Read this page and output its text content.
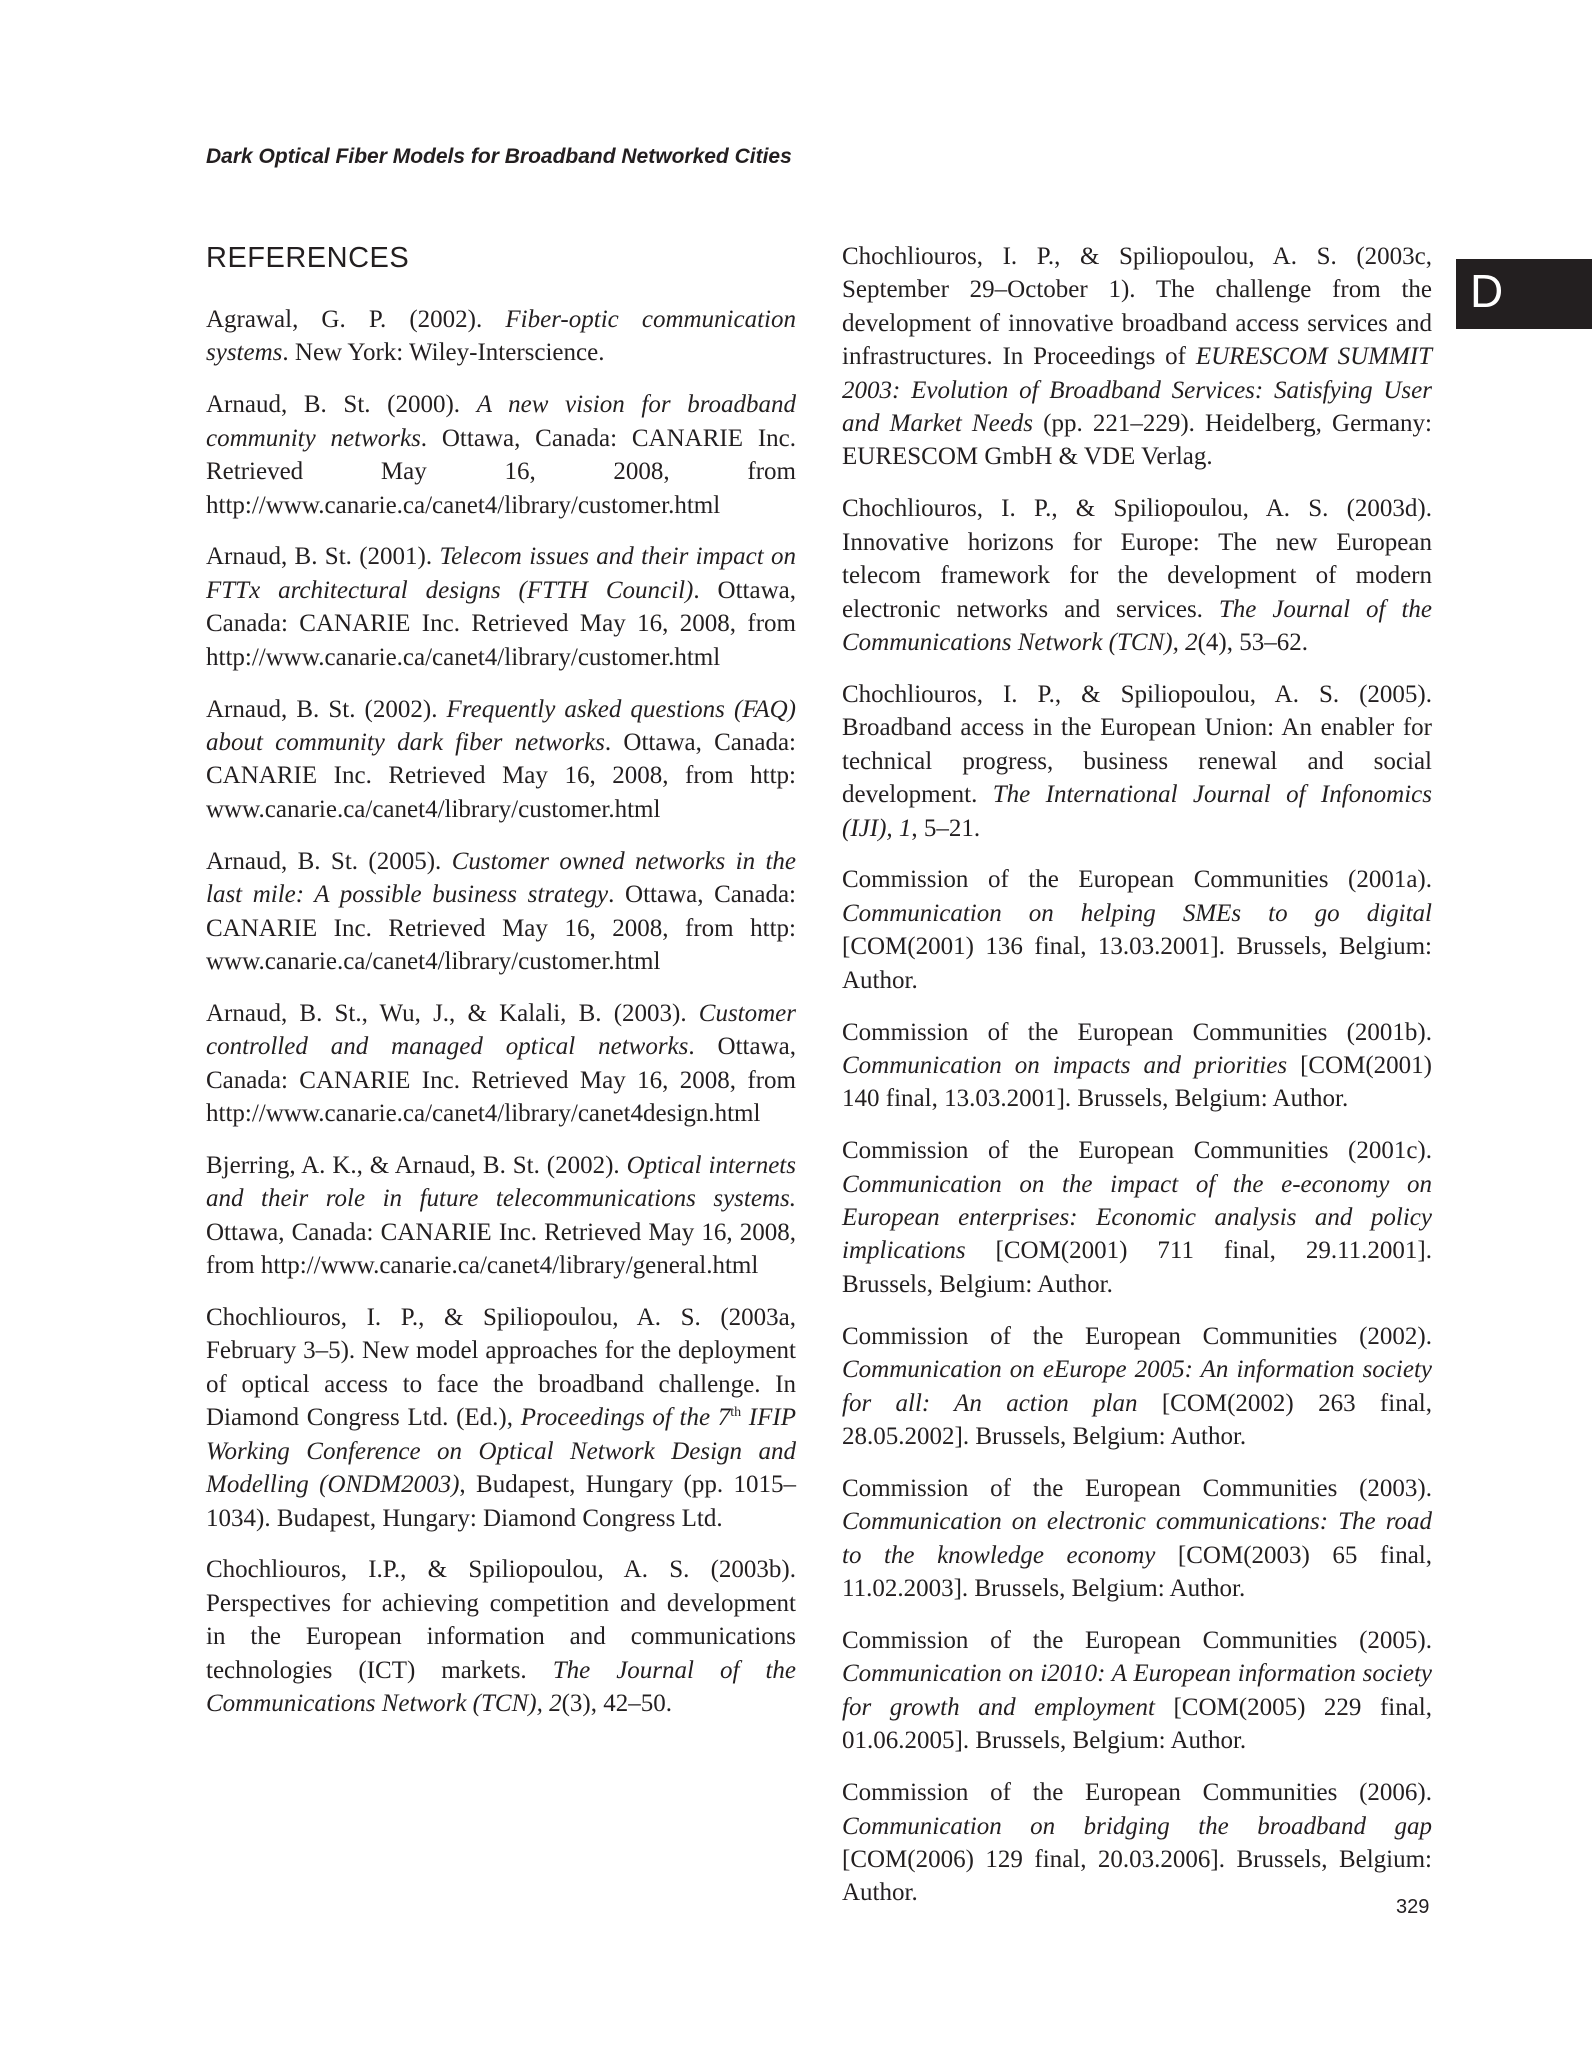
Dark Optical Fiber Models for Broadband Networked Cities
D
REFERENCES

Agrawal, G. P. (2002). Fiber-optic communication systems. New York: Wiley-Interscience.

Arnaud, B. St. (2000). A new vision for broadband community networks. Ottawa, Canada: CANARIE Inc. Retrieved May 16, 2008, from http://www.canarie.ca/canet4/library/customer.html

Arnaud, B. St. (2001). Telecom issues and their impact on FTTx architectural designs (FTTH Council). Ottawa, Canada: CANARIE Inc. Retrieved May 16, 2008, from http://www.canarie.ca/canet4/library/customer.html

Arnaud, B. St. (2002). Frequently asked questions (FAQ) about community dark fiber networks. Ottawa, Canada: CANARIE Inc. Retrieved May 16, 2008, from http: www.canarie.ca/canet4/library/customer.html

Arnaud, B. St. (2005). Customer owned networks in the last mile: A possible business strategy. Ottawa, Canada: CANARIE Inc. Retrieved May 16, 2008, from http: www.canarie.ca/canet4/library/customer.html

Arnaud, B. St., Wu, J., & Kalali, B. (2003). Customer controlled and managed optical networks. Ottawa, Canada: CANARIE Inc. Retrieved May 16, 2008, from http://www.canarie.ca/canet4/library/canet4design.html

Bjerring, A. K., & Arnaud, B. St. (2002). Optical internets and their role in future telecommunications systems. Ottawa, Canada: CANARIE Inc. Retrieved May 16, 2008, from http://www.canarie.ca/canet4/library/general.html

Chochliouros, I. P., & Spiliopoulou, A. S. (2003a, February 3–5). New model approaches for the deployment of optical access to face the broadband challenge. In Diamond Congress Ltd. (Ed.), Proceedings of the 7th IFIP Working Conference on Optical Network Design and Modelling (ONDM2003), Budapest, Hungary (pp. 1015–1034). Budapest, Hungary: Diamond Congress Ltd.

Chochliouros, I.P., & Spiliopoulou, A. S. (2003b). Perspectives for achieving competition and development in the European information and communications technologies (ICT) markets. The Journal of the Communications Network (TCN), 2(3), 42–50.

Chochliouros, I. P., & Spiliopoulou, A. S. (2003c, September 29–October 1). The challenge from the development of innovative broadband access services and infrastructures. In Proceedings of EURESCOM SUMMIT 2003: Evolution of Broadband Services: Satisfying User and Market Needs (pp. 221–229). Heidelberg, Germany: EURESCOM GmbH & VDE Verlag.

Chochliouros, I. P., & Spiliopoulou, A. S. (2003d). Innovative horizons for Europe: The new European telecom framework for the development of modern electronic networks and services. The Journal of the Communications Network (TCN), 2(4), 53–62.

Chochliouros, I. P., & Spiliopoulou, A. S. (2005). Broadband access in the European Union: An enabler for technical progress, business renewal and social development. The International Journal of Infonomics (IJI), 1, 5–21.

Commission of the European Communities (2001a). Communication on helping SMEs to go digital [COM(2001) 136 final, 13.03.2001]. Brussels, Belgium: Author.

Commission of the European Communities (2001b). Communication on impacts and priorities [COM(2001) 140 final, 13.03.2001]. Brussels, Belgium: Author.

Commission of the European Communities (2001c). Communication on the impact of the e-economy on European enterprises: Economic analysis and policy implications [COM(2001) 711 final, 29.11.2001]. Brussels, Belgium: Author.

Commission of the European Communities (2002). Communication on eEurope 2005: An information society for all: An action plan [COM(2002) 263 final, 28.05.2002]. Brussels, Belgium: Author.

Commission of the European Communities (2003). Communication on electronic communications: The road to the knowledge economy [COM(2003) 65 final, 11.02.2003]. Brussels, Belgium: Author.

Commission of the European Communities (2005). Communication on i2010: A European information society for growth and employment [COM(2005) 229 final, 01.06.2005]. Brussels, Belgium: Author.

Commission of the European Communities (2006). Communication on bridging the broadband gap [COM(2006) 129 final, 20.03.2006]. Brussels, Belgium: Author.

329
